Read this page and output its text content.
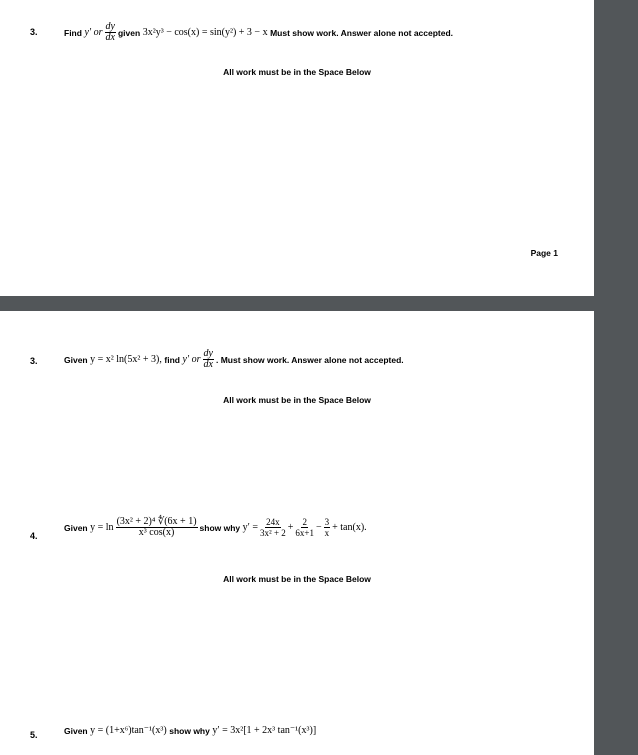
3.	Find
y′
or $\frac{dy}{dx}$ given
3x²y³ − cos(x) = sin(y²) + 3 − x
Must show work. Answer alone not accepted.
All work must be in the Space Below
Page 1
3.	Given
y = x² ln(5x² + 3),
find
y′
or $\frac{dy}{dx}$ . Must show work. Answer alone not accepted.
All work must be in the Space Below
4.
Given
$y = \ln \frac{\text{(3x² + 2)⁴ ∜(6x + 1)}}{\text{x³ cos(x)}}$ show why
$y' = \frac{24x}{\text{3x² + 2}} + \frac{2}{6x+1} - \frac{3}{x} + \tan(x)$.
All work must be in the Space Below
5.	Given
y = (1+x⁶)tan⁻¹(x³)
show why
y′ = 3x²[1 + 2x³ tan⁻¹(x³)]
